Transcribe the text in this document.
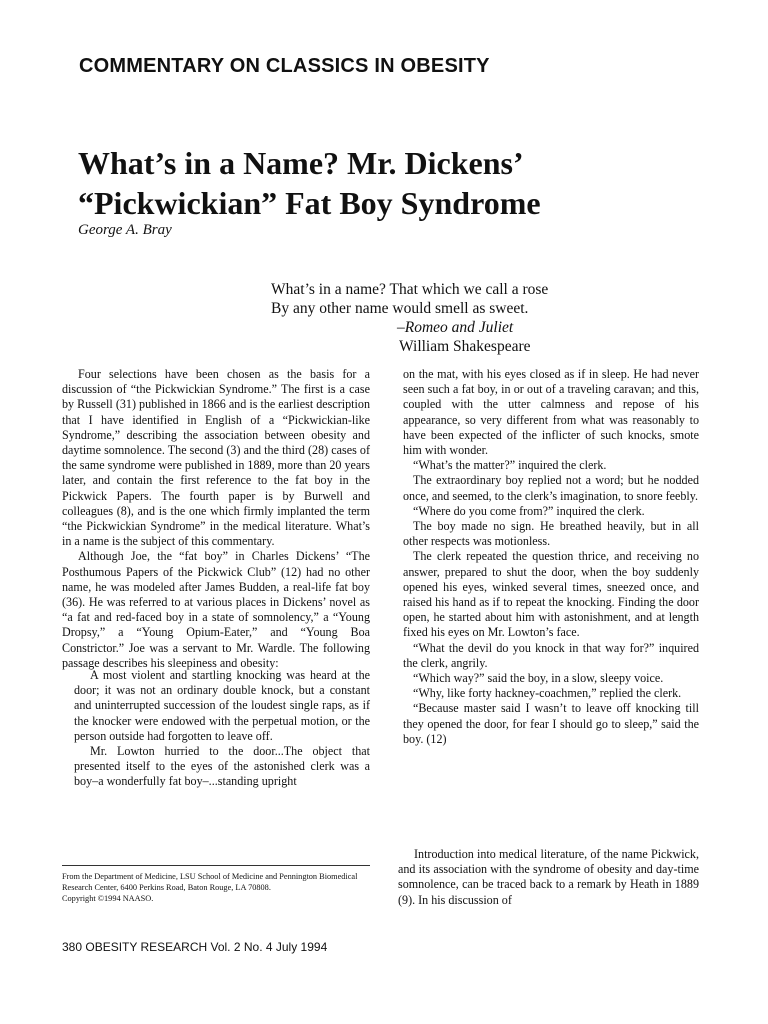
COMMENTARY ON CLASSICS IN OBESITY
What’s in a Name? Mr. Dickens’
“Pickwickian” Fat Boy Syndrome
George A. Bray
What’s in a name? That which we call a rose
By any other name would smell as sweet.
–Romeo and Juliet
William Shakespeare

Four selections have been chosen as the basis for a discussion of “the Pickwickian Syndrome.” The first is a case by Russell (31) published in 1866 and is the earliest description that I have identified in English of a “Pickwickian-like Syndrome,” describing the association between obesity and daytime somnolence. The second (3) and the third (28) cases of the same syndrome were published in 1889, more than 20 years later, and contain the first reference to the fat boy in the Pickwick Papers. The fourth paper is by Burwell and colleagues (8), and is the one which firmly implanted the term “the Pickwickian Syndrome” in the medical literature. What’s in a name is the subject of this commentary.

Although Joe, the “fat boy” in Charles Dickens’ “The Posthumous Papers of the Pickwick Club” (12) had no other name, he was modeled after James Budden, a real-life fat boy (36). He was referred to at various places in Dickens’ novel as “a fat and red-faced boy in a state of somnolency,” a “Young Dropsy,” a “Young Opium-Eater,” and “Young Boa Constrictor.” Joe was a servant to Mr. Wardle. The following passage describes his sleepiness and obesity:

A most violent and startling knocking was heard at the door; it was not an ordinary double knock, but a constant and uninterrupted succession of the loudest single raps, as if the knocker were endowed with the perpetual motion, or the person outside had forgotten to leave off.

Mr. Lowton hurried to the door...The object that presented itself to the eyes of the astonished clerk was a boy–a wonderfully fat boy–...standing upright

From the Department of Medicine, LSU School of Medicine and Pennington Biomedical Research Center, 6400 Perkins Road, Baton Rouge, LA 70808.
Copyright ©1994 NAASO.

on the mat, with his eyes closed as if in sleep. He had never seen such a fat boy, in or out of a traveling caravan; and this, coupled with the utter calmness and repose of his appearance, so very different from what was reasonably to have been expected of the inflicter of such knocks, smote him with wonder.

“What’s the matter?” inquired the clerk.

The extraordinary boy replied not a word; but he nodded once, and seemed, to the clerk’s imagination, to snore feebly.

“Where do you come from?” inquired the clerk.

The boy made no sign. He breathed heavily, but in all other respects was motionless.

The clerk repeated the question thrice, and receiving no answer, prepared to shut the door, when the boy suddenly opened his eyes, winked several times, sneezed once, and raised his hand as if to repeat the knocking. Finding the door open, he started about him with astonishment, and at length fixed his eyes on Mr. Lowton’s face.

“What the devil do you knock in that way for?” inquired the clerk, angrily.

“Which way?” said the boy, in a slow, sleepy voice.

“Why, like forty hackney-coachmen,” replied the clerk.

“Because master said I wasn’t to leave off knocking till they opened the door, for fear I should go to sleep,” said the boy. (12)

Introduction into medical literature, of the name Pickwick, and its association with the syndrome of obesity and day-time somnolence, can be traced back to a remark by Heath in 1889 (9). In his discussion of

380 OBESITY RESEARCH Vol. 2 No. 4 July 1994
